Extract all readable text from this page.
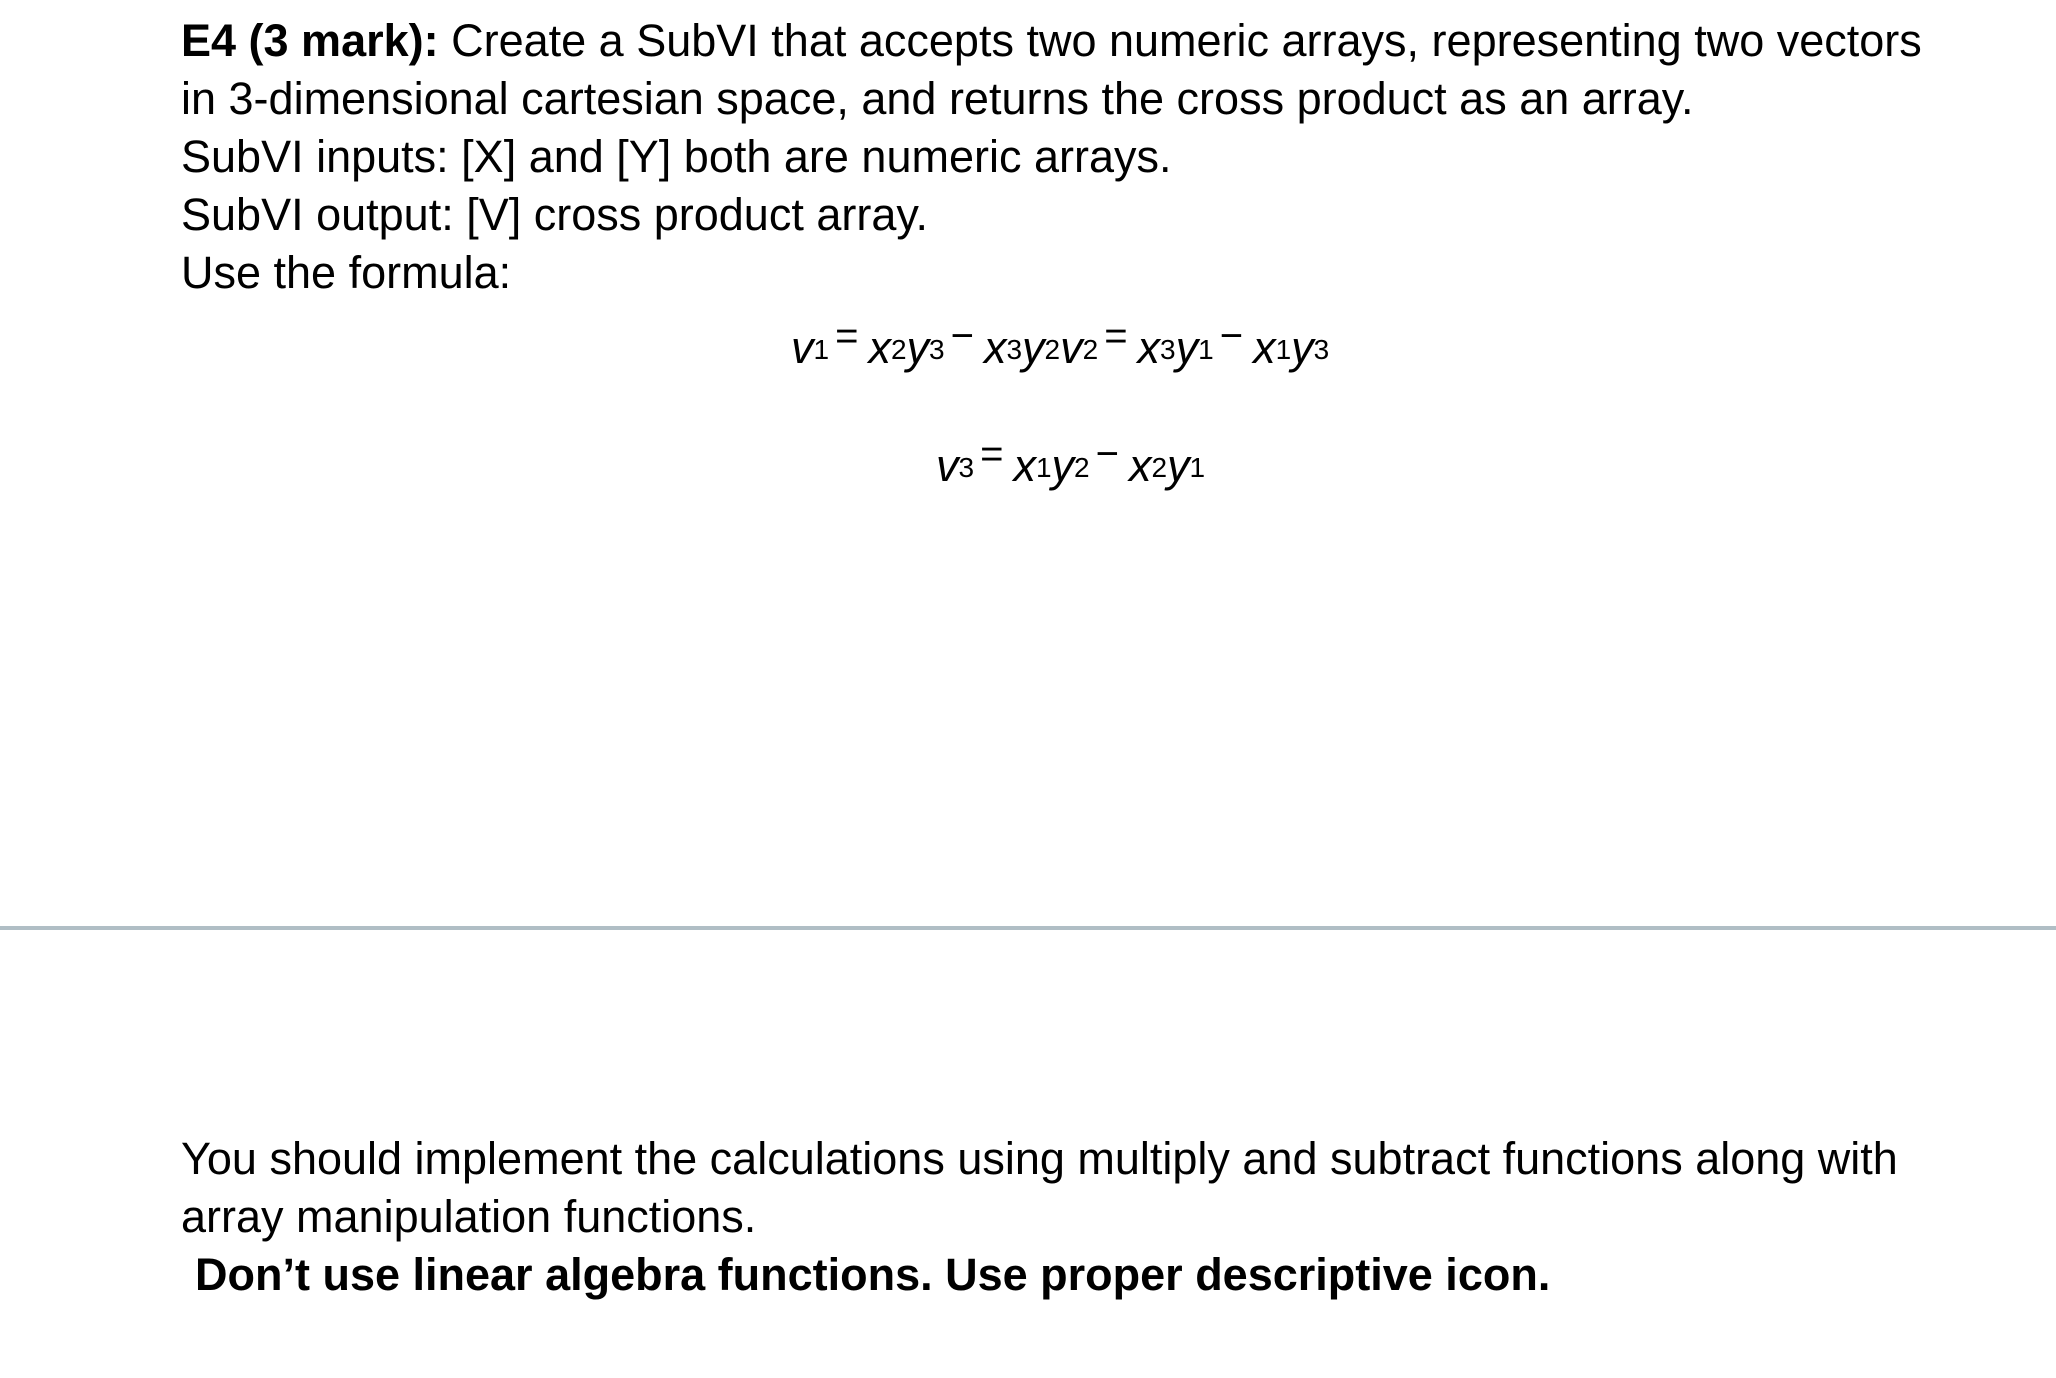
E4 (3 mark): Create a SubVI that accepts two numeric arrays, representing two vectors
in 3-dimensional cartesian space, and returns the cross product as an array.
SubVI inputs: [X] and [Y] both are numeric arrays.
SubVI output: [V] cross product array.
Use the formula:
v1 = x2y3 − x3y2v2 = x3y1 − x1y3
v3 = x1y2 − x2y1
You should implement the calculations using multiply and subtract functions along with
array manipulation functions.
Don’t use linear algebra functions. Use proper descriptive icon.
